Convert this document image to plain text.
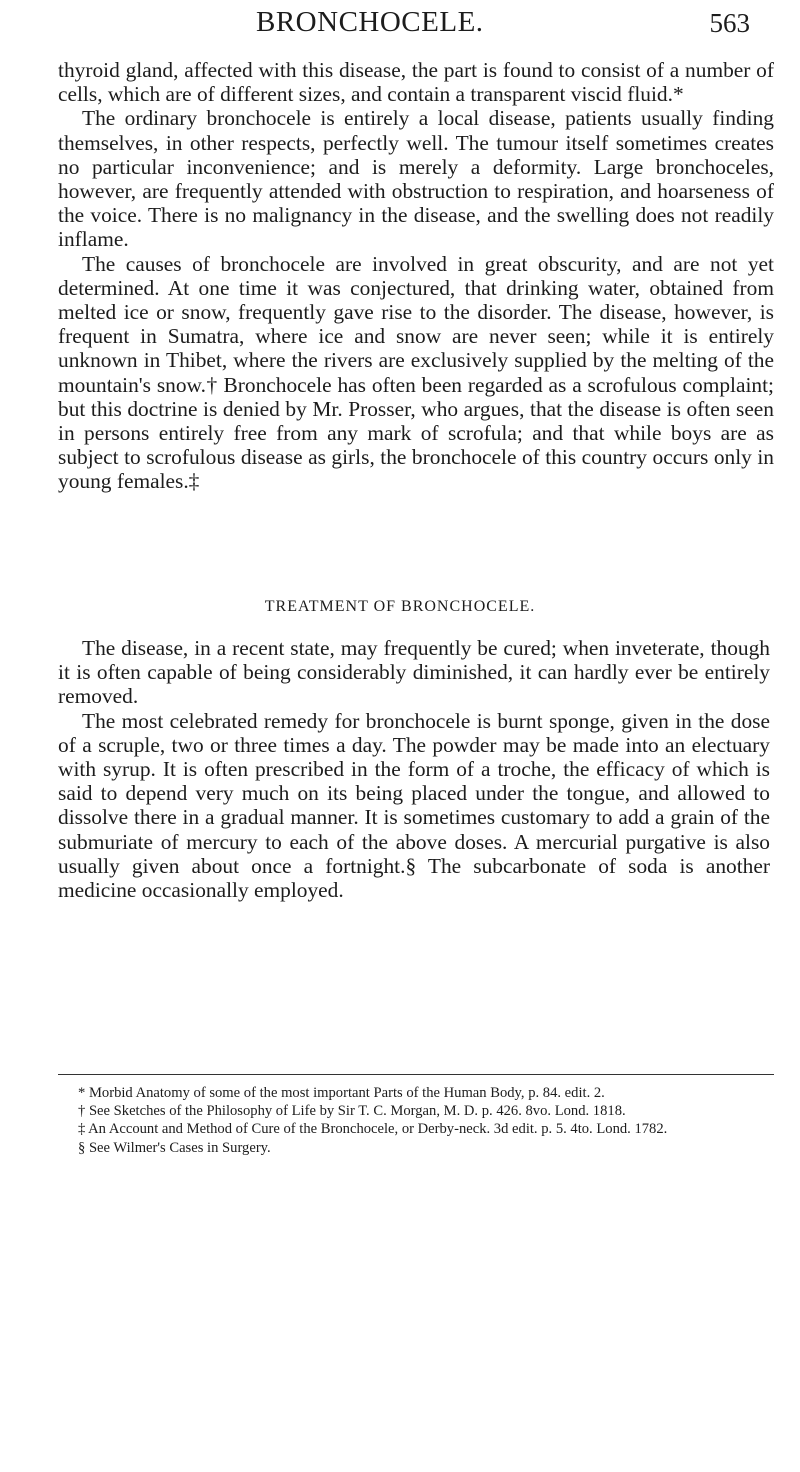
BRONCHOCELE.	563

thyroid gland, affected with this disease, the part is found to consist of a number of cells, which are of different sizes, and contain a transparent viscid fluid.*

The ordinary bronchocele is entirely a local disease, patients usually finding themselves, in other respects, perfectly well. The tumour itself sometimes creates no particular inconvenience; and is merely a deformity. Large bronchoceles, however, are frequently attended with obstruction to respiration, and hoarseness of the voice. There is no malignancy in the disease, and the swelling does not readily inflame.

The causes of bronchocele are involved in great obscurity, and are not yet determined. At one time it was conjectured, that drinking water, obtained from melted ice or snow, frequently gave rise to the disorder. The disease, however, is frequent in Sumatra, where ice and snow are never seen; while it is entirely unknown in Thibet, where the rivers are exclusively supplied by the melting of the mountain's snow.† Bronchocele has often been regarded as a scrofulous complaint; but this doctrine is denied by Mr. Prosser, who argues, that the disease is often seen in persons entirely free from any mark of scrofula; and that while boys are as subject to scrofulous disease as girls, the bronchocele of this country occurs only in young females.‡

TREATMENT OF BRONCHOCELE.

The disease, in a recent state, may frequently be cured; when inveterate, though it is often capable of being considerably diminished, it can hardly ever be entirely removed.

The most celebrated remedy for bronchocele is burnt sponge, given in the dose of a scruple, two or three times a day. The powder may be made into an electuary with syrup. It is often prescribed in the form of a troche, the efficacy of which is said to depend very much on its being placed under the tongue, and allowed to dissolve there in a gradual manner. It is sometimes customary to add a grain of the submuriate of mercury to each of the above doses. A mercurial purgative is also usually given about once a fortnight.§ The subcarbonate of soda is another medicine occasionally employed.

* Morbid Anatomy of some of the most important Parts of the Human Body, p. 84. edit. 2.

† See Sketches of the Philosophy of Life by Sir T. C. Morgan, M. D. p. 426. 8vo. Lond. 1818.

‡ An Account and Method of Cure of the Bronchocele, or Derby-neck. 3d edit. p. 5. 4to. Lond. 1782.

§ See Wilmer's Cases in Surgery.
